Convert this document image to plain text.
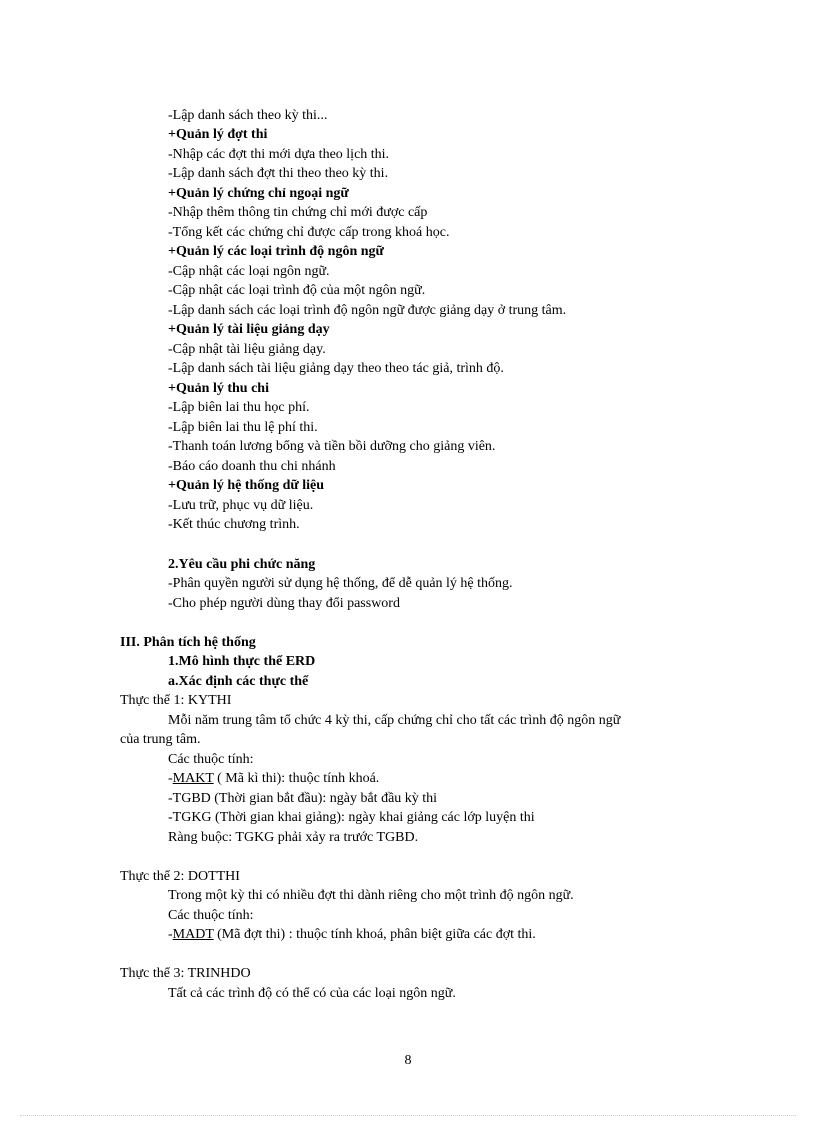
-Lập danh sách theo kỳ thi...
+Quản lý đợt thi
-Nhập các đợt thi mới dựa theo lịch thi.
-Lập danh sách đợt thi theo theo kỳ thi.
+Quản lý chứng chỉ ngoại ngữ
-Nhập thêm thông tin chứng chỉ mới được cấp
-Tổng kết các chứng chỉ được cấp trong khoá học.
+Quản lý các loại trình độ ngôn ngữ
-Cập nhật các loại ngôn ngữ.
-Cập nhật các loại trình độ của một ngôn ngữ.
-Lập danh sách các loại trình độ ngôn ngữ được giảng dạy ở trung tâm.
+Quản lý tài liệu giảng dạy
-Cập nhật tài liệu giảng dạy.
-Lập danh sách tài liệu giảng dạy theo theo tác giả, trình độ.
+Quản lý thu chi
-Lập biên lai thu học phí.
-Lập biên lai thu lệ phí thi.
-Thanh toán lương bổng và tiền bồi dưỡng cho giảng viên.
-Báo cáo doanh thu chi nhánh
+Quản lý hệ thống dữ liệu
-Lưu trữ, phục vụ dữ liệu.
-Kết thúc chương trình.
2.Yêu cầu phi chức năng
-Phân quyền người sử dụng hệ thống, để dễ quản lý hệ thống.
-Cho phép người dùng thay đổi password
III. Phân tích hệ thống
1.Mô hình thực thể ERD
a.Xác định các thực thể
Thực thể 1: KYTHI
Mỗi năm trung tâm tổ chức 4 kỳ thi, cấp chứng chỉ cho tất các trình độ ngôn ngữ
của trung tâm.
Các thuộc tính:
-MAKT ( Mã kì thi): thuộc tính khoá.
-TGBD (Thời gian bắt đầu): ngày bắt đầu kỳ thi
-TGKG (Thời gian khai giảng): ngày khai giảng các lớp luyện thi
Ràng buộc: TGKG phải xảy ra trước TGBD.
Thực thể 2: DOTTHI
Trong một kỳ thi có nhiều đợt thi dành riêng cho một trình độ ngôn ngữ.
Các thuộc tính:
-MADT (Mã đợt thi) : thuộc tính khoá, phân biệt giữa các đợt thi.
Thực thể 3: TRINHDO
Tất cả các trình độ có thể có của các loại ngôn ngữ.
8
